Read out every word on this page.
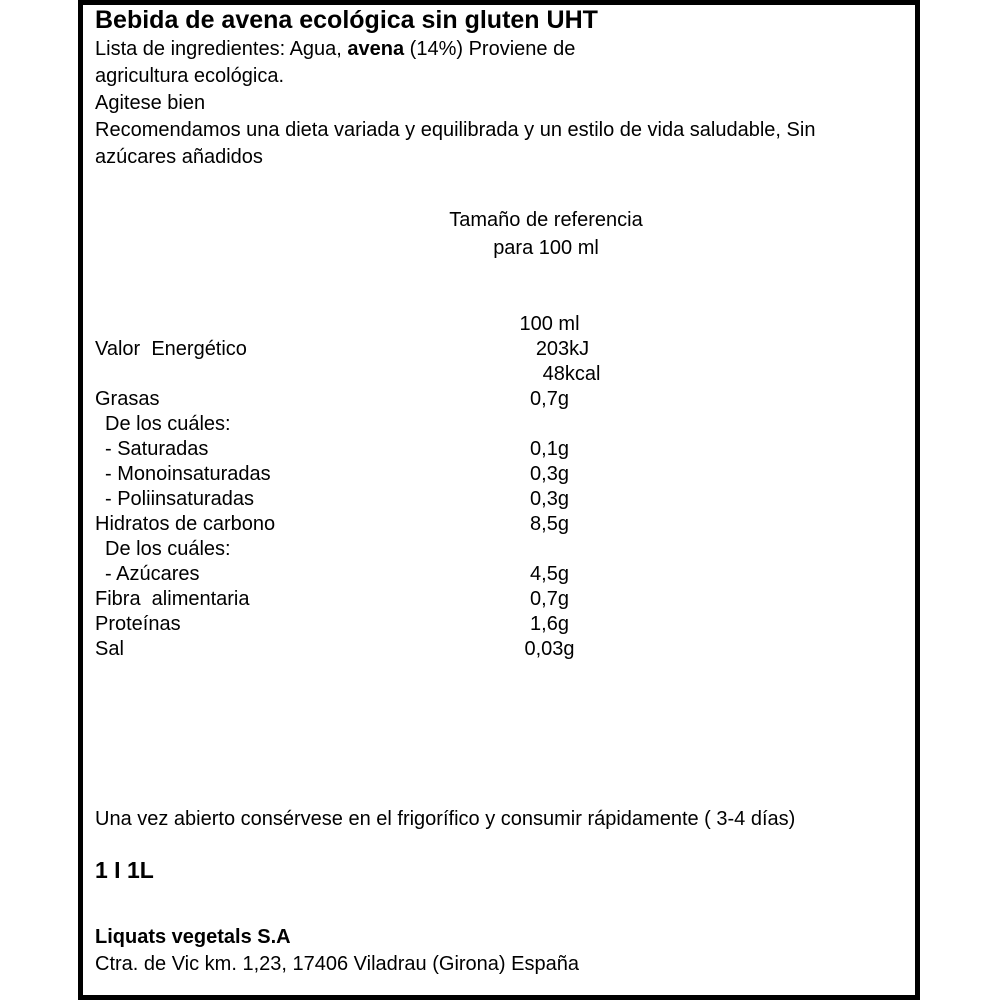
Bebida de avena ecológica sin gluten UHT
Lista de ingredientes: Agua, avena (14%) Proviene de
agricultura ecológica.
Agitese bien
Recomendamos una dieta variada y equilibrada y un estilo de vida saludable, Sin
azúcares añadidos
Tamaño de referencia
para 100 ml
100 ml
Valor  Energético	203kJ
48kcal
Grasas	0,7g
De los cuáles:
- Saturadas	0,1g
- Monoinsaturadas	0,3g
- Poliinsaturadas	0,3g
Hidratos de carbono	8,5g
De los cuáles:
- Azúcares	4,5g
Fibra  alimentaria	0,7g
Proteínas	1,6g
Sal	0,03g
Una vez abierto consérvese en el frigorífico y consumir rápidamente ( 3-4 días)
1 I 1L
Liquats vegetals S.A
Ctra. de Vic km. 1,23, 17406 Viladrau (Girona) España
